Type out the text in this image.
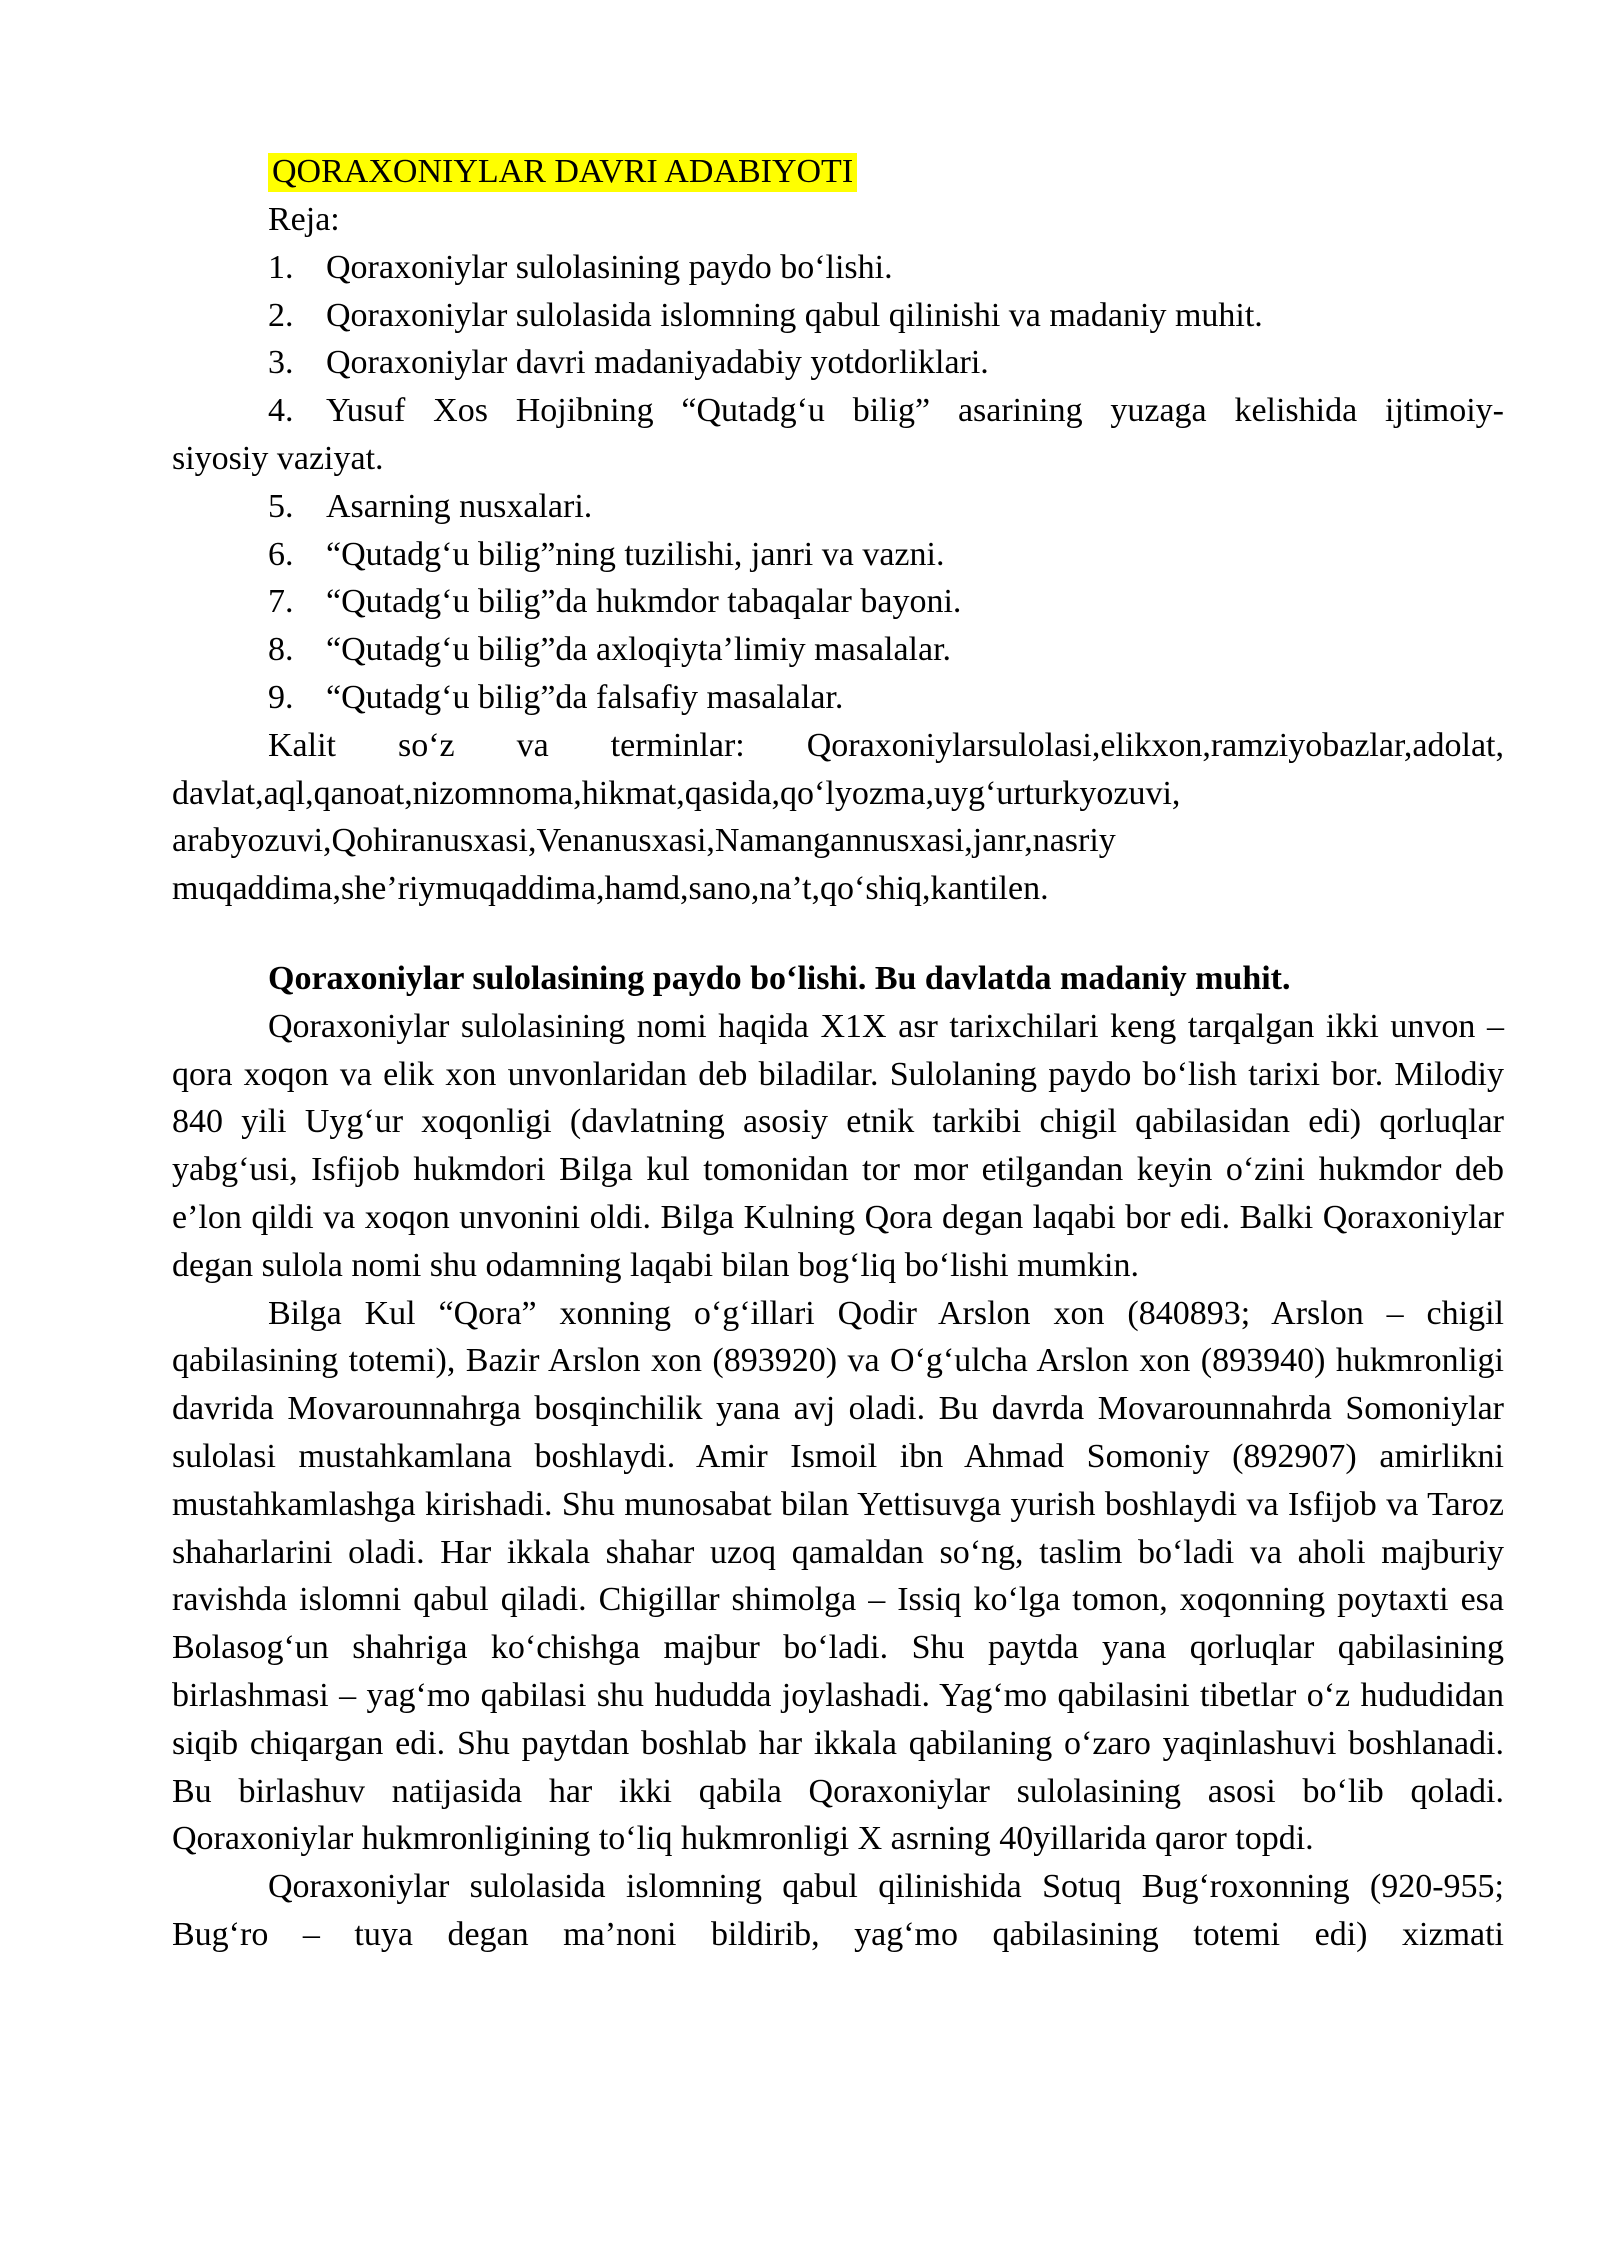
QORAXONIYLAR DAVRI ADABIYOTI
Reja:
1. Qoraxoniylar sulolasining paydo bo‘lishi.
2. Qoraxoniylar sulolasida islomning qabul qilinishi va madaniy muhit.
3. Qoraxoniylar davri madaniyadabiy yotdorliklari.
4. Yusuf Xos Hojibning “Qutadg‘u bilig” asarining yuzaga kelishida ijtimoiy-
siyosiy vaziyat.
5. Asarning nusxalari.
6. “Qutadg‘u bilig”ning tuzilishi, janri va vazni.
7. “Qutadg‘u bilig”da hukmdor tabaqalar bayoni.
8. “Qutadg‘u bilig”da axloqiyta’limiy masalalar.
9. “Qutadg‘u bilig”da falsafiy masalalar.
Kalit so‘z va terminlar: Qoraxoniylarsulolasi,elikxon,ramziyobazlar,adolat,
davlat,aql,qanoat,nizomnoma,hikmat,qasida,qo‘lyozma,uyg‘urturkyozuvi,
arabyozuvi,Qohiranusxasi,Venanusxasi,Namangannusxasi,janr,nasriy
muqaddima,she’riymuqaddima,hamd,sano,na’t,qo‘shiq,kantilen.
Qoraxoniylar sulolasining paydo bo‘lishi. Bu davlatda madaniy muhit.

Qoraxoniylar sulolasining nomi haqida X1X asr tarixchilari keng tarqalgan ikki unvon – qora xoqon va elik xon unvonlaridan deb biladilar. Sulolaning paydo bo‘lish tarixi bor. Milodiy 840 yili Uyg‘ur xoqonligi (davlatning asosiy etnik tarkibi chigil qabilasidan edi) qorluqlar yabg‘usi, Isfijob hukmdori Bilga kul tomonidan tor mor etilgandan keyin o‘zini hukmdor deb e’lon qildi va xoqon unvonini oldi. Bilga Kulning Qora degan laqabi bor edi. Balki Qoraxoniylar degan sulola nomi shu odamning laqabi bilan bog‘liq bo‘lishi mumkin.

Bilga Kul “Qora” xonning o‘g‘illari Qodir Arslon xon (840893; Arslon – chigil qabilasining totemi), Bazir Arslon xon (893920) va O‘g‘ulcha Arslon xon (893940) hukmronligi davrida Movarounnahrga bosqinchilik yana avj oladi. Bu davrda Movarounnahrda Somoniylar sulolasi mustahkamlana boshlaydi. Amir Ismoil ibn Ahmad Somoniy (892907) amirlikni mustahkamlashga kirishadi. Shu munosabat bilan Yettisuvga yurish boshlaydi va Isfijob va Taroz shaharlarini oladi. Har ikkala shahar uzoq qamaldan so‘ng, taslim bo‘ladi va aholi majburiy ravishda islomni qabul qiladi. Chigillar shimolga – Issiq ko‘lga tomon, xoqonning poytaxti esa Bolasog‘un shahriga ko‘chishga majbur bo‘ladi. Shu paytda yana qorluqlar qabilasining birlashmasi – yag‘mo qabilasi shu hududda joylashadi. Yag‘mo qabilasini tibetlar o‘z hududidan siqib chiqargan edi. Shu paytdan boshlab har ikkala qabilaning o‘zaro yaqinlashuvi boshlanadi. Bu birlashuv natijasida har ikki qabila Qoraxoniylar sulolasining asosi bo‘lib qoladi. Qoraxoniylar hukmronligining to‘liq hukmronligi X asrning 40yillarida qaror topdi.

Qoraxoniylar sulolasida islomning qabul qilinishida Sotuq Bug‘roxonning (920-955; Bug‘ro – tuya degan ma’noni bildirib, yag‘mo qabilasining totemi edi) xizmati
